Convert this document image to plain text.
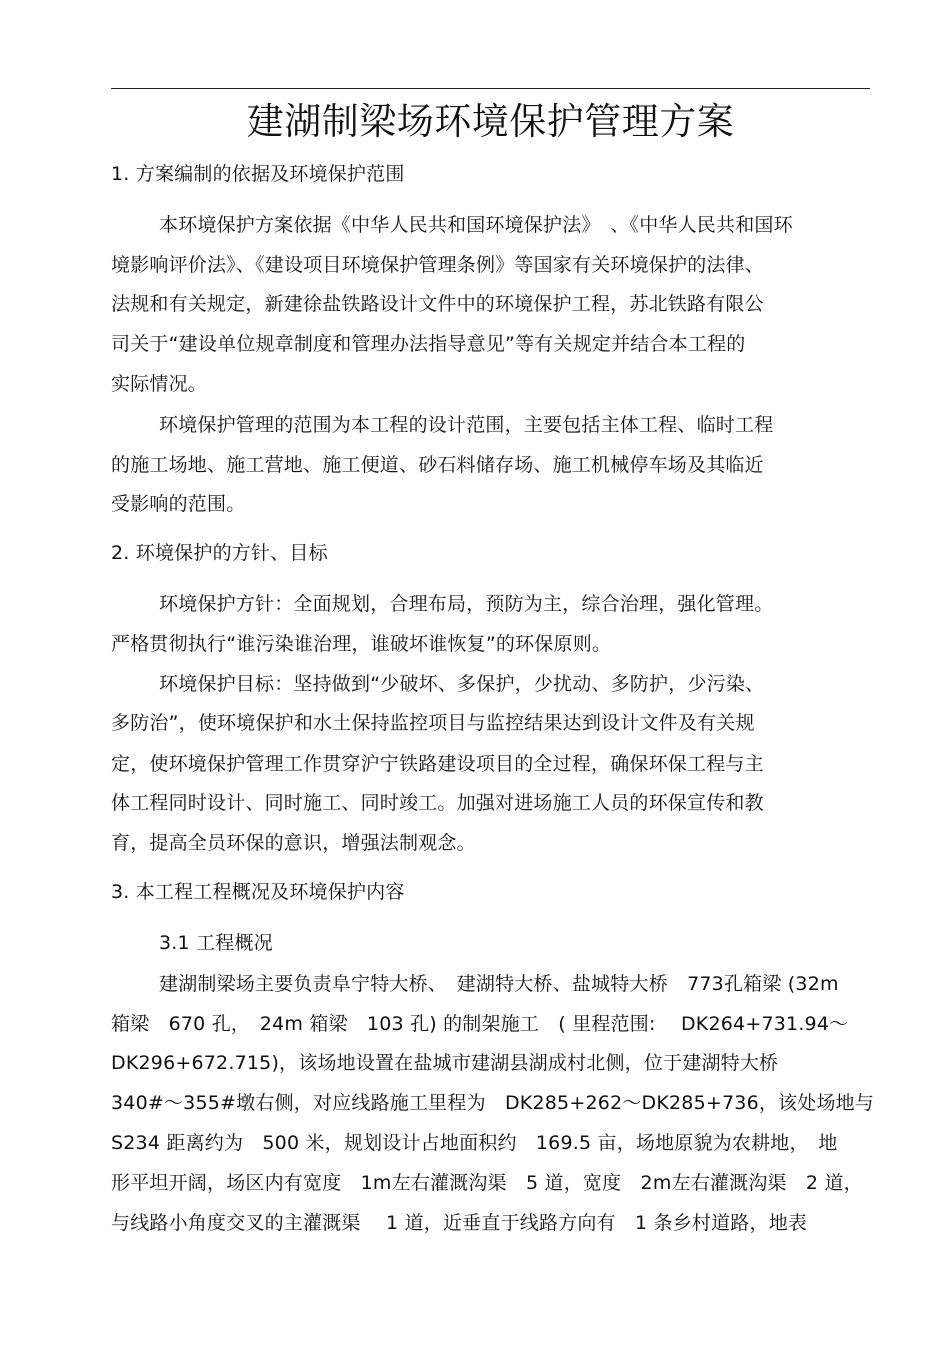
建湖制梁场环境保护管理方案
1. 方案编制的依据及环境保护范围
本环境保护方案依据《中华人民共和国环境保护法》　、《中华人民共和国环
境影响评价法》、《建设项目环境保护管理条例》等国家有关环境保护的法律、
法规和有关规定，新建徐盐铁路设计文件中的环境保护工程，苏北铁路有限公
司关于“建设单位规章制度和管理办法指导意见”等有关规定并结合本工程的
实际情况。
环境保护管理的范围为本工程的设计范围，主要包括主体工程、临时工程
的施工场地、施工营地、施工便道、砂石料储存场、施工机械停车场及其临近
受影响的范围。
2. 环境保护的方针、目标
环境保护方针：全面规划，合理布局，预防为主，综合治理，强化管理。
严格贯彻执行“谁污染谁治理，谁破坏谁恢复”的环保原则。
环境保护目标：坚持做到“少破坏、多保护，少扰动、多防护，少污染、
多防治”，使环境保护和水土保持监控项目与监控结果达到设计文件及有关规
定，使环境保护管理工作贯穿沪宁铁路建设项目的全过程，确保环保工程与主
体工程同时设计、同时施工、同时竣工。加强对进场施工人员的环保宣传和教
育，提高全员环保的意识，增强法制观念。
3. 本工程工程概况及环境保护内容
3.1 工程概况
建湖制梁场主要负责阜宁特大桥、　建湖特大桥、盐城特大桥　773孔箱梁 (32m
箱梁　670 孔，　24m 箱梁　103 孔) 的制架施工　( 里程范围:　 DK264+731.94～
DK296+672.715)，该场地设置在盐城市建湖县湖成村北侧，位于建湖特大桥
340#～355#墩右侧，对应线路施工里程为　DK285+262～DK285+736，该处场地与
S234 距离约为　500 米，规划设计占地面积约　169.5 亩，场地原貌为农耕地，　地
形平坦开阔，场区内有宽度　1m左右灌溉沟渠　5 道，宽度　2m左右灌溉沟渠　2 道，
与线路小角度交叉的主灌溉渠　 1 道，近垂直于线路方向有　1 条乡村道路，地表
